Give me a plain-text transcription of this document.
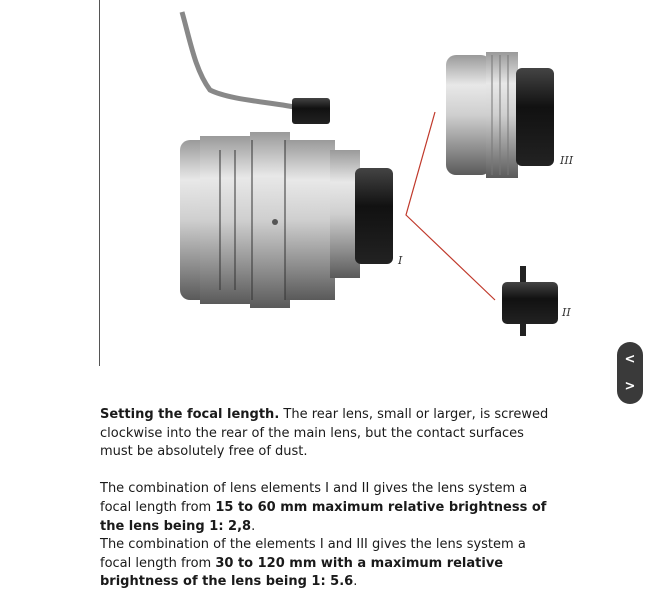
I
III
II

Setting the focal length. The rear lens, small or larger, is screwed clockwise into the rear of the main lens, but the contact surfaces must be absolutely free of dust.

The combination of lens elements I and II gives the lens system a focal length from 15 to 60 mm maximum relative brightness of the lens being 1: 2,8.

The combination of the elements I and III gives the lens system a focal length from 30 to 120 mm with a maximum relative brightness of the lens being 1: 5.6.

<
>
